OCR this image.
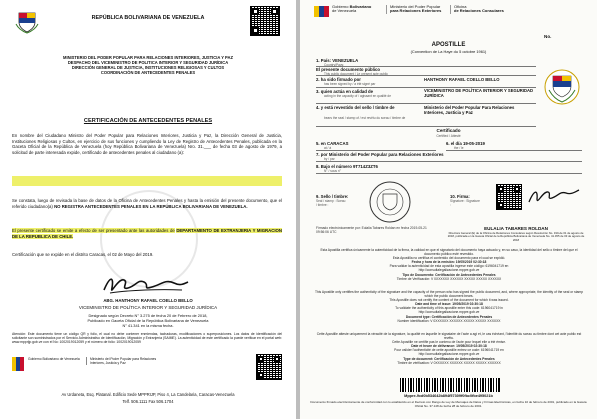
REPÚBLICA BOLIVARIANA DE VENEZUELA
MINISTERIO DEL PODER POPULAR PARA RELACIONES INTERIORES, JUSTICIA Y PAZ
DESPACHO DEL VICEMINISTRO DE POLITICA INTERIOR Y SEGURIDAD JURÍDICA
DIRECCIÓN GENERAL DE JUSTICIA, INSTITUCIONES RELIGIOSAS Y CULTOS
COORDINACIÓN DE ANTECEDENTES PENALES
CERTIFICACIÓN DE ANTECEDENTES PENALES
En nombre del Ciudadano Ministro del Poder Popular para Relaciones Interiores, Justicia y Paz, la Dirección General de Justicia, Instituciones Religiosas y Cultos, en ejercicio de sus funciones y cumpliendo la Ley de Registro de Antecedentes Penales, publicada en la Gaceta Oficial de la República de Venezuela (hoy República Bolivariana de Venezuela) Nro. 31.___ de fecha 03 de agosto de 1979, a solicitud de parte interesada expide, certificado de antecedentes penales al ciudadano (a):
Se constata, luego de revisada la base de datos de la Oficina de Antecedentes Penales y hasta la emisión del presente documento, que el referido ciudadano(a) NO REGISTRA ANTECEDENTES PENALES EN LA REPÚBLICA BOLIVARIANA DE VENEZUELA.
El presente certificado se emite a efecto de ser presentado ante las autoridades de DEPARTAMENTO DE EXTRANJERIA Y MIGRACION DE LA REPUBLICA DE CHILE.
Certificación que se expide en el distrito Caracas, el 02 de Mayo del 2019.
ABG. HANTHONY RAFAEL COELLO BELLO
VICEMINISTRO DE POLÍTICA INTERIOR Y SEGURIDAD JURÍDICA
Designado según Decreto N° 3.275 de fecha 20 de Febrero de 2018,
Publicado en Gaceta Oficial de la República Bolivariana de Venezuela
N° 41.341 en la misma fecha.
Atención: Este documento tiene un código QR y folio, el cual no debe contener enmiendas, tachaduras, modificaciones o superposiciones. Los datos de identificación del solicitante son suministrados por el Servicio Administrativo de Identificación, Migración y Extranjería (SAIME). La autenticidad de este certificado la puede verificar en el portal web: www.mpprijp.gob.ve con el No: 1002019012059 y el número de folio: 1002019012059
Gobierno Bolivariano de Venezuela	Ministerio del Poder Popular para Relaciones Interiores, Justicia y Paz
Av Urdaneta, Esq. Platanal. Edificio Sede MPPRIJP, Piso 4, La Candelaria, Caracas-Venezuela
Telf. 506.1111 Fax 506.1704
Gobierno Bolivariano
de Venezuela
Ministerio del Poder Popular
para Relaciones Exteriores
Oficina
de Relaciones Consulares
No.
APOSTILLE
(Convention de La Haye du 5 octobre 1961)
1. País: VENEZUELA
Country/Pays:
El presente documento público
This public document / Le présent acte public
2. ha sido firmado por
has been signed by / a été signé par
HANTHONY RAFAEL COELLO BELLO
3. quien actúa en calidad de
acting in the capacity of / agissant en qualité de
VICEMINISTRO DE POLÍTICA INTERIOR Y SEGURIDAD JURÍDICA
4. y está revestido del sello / timbre de
bears the seal / stamp of / est revêtu du sceau / timbre de
Ministerio del Poder Popular Para Relaciones Interiores, Justicia y Paz
Certificado
Certified / Attesté
5. en CARACAS
at / à
6. el día 19-05-2019
the / le
7. por Ministerio del Poder Popular para Relaciones Exteriores
by / par
8. Bajo el número 9T714Z3ZT6
N° / sous n°
9. Sello / timbre:
Seal / stamp : Sceau / timbre :
10. Firma:
Signature : Signature :
Firmado electrónicamente por: Eulalia Tabares Roldan en fecha 2019-05-21 09:56:06 UTC
EULALIA TABARES ROLDAN
Directora General (E) de la Oficina de Relaciones Consulares según Resolución No. 190-de 01 de agosto de 2018, publicada en la Gaceta Oficial de la República Bolivariana de Venezuela No. 41.455 de 03 de agosto de 2018
Esta Apostilla certifica únicamente la autenticidad de la firma, la calidad en que el signatario del documento haya actuado y, en su caso, la identidad del sello o timbre del que el documento público esté revestido.
Esta Apostilla no certifica el contenido del documento para el cual se expidió.
Fecha y hora de la emisión: 19/05/2019 02:30:18
Para validar la autenticidad de esta apostilla ingrese este código: 6196041719 en
http://consultalegalizacione.mppre.gob.ve
Tipo de Documento: Certificación de Antecedentes Penales
Timbre de Verificación: V 0XXXXXX XXXXXX XXXXX XXXXX XXXXXX
This Apostille only certifies the authenticity of the signature and the capacity of the person who has signed the public document, and, where appropriate, the identity of the seal or stamp which the public document bears.
This Apostille does not certify the content of the document for which it was issued.
Date and time of issue: 19/05/2019 02:30:18
To validate the authenticity of this apostille enter this code: 6196041719 in
http://consultalegalizacione.mppre.gob.ve
Document type: Certificación de Antecedentes Penales
Number identification: V 0XXXXXX XXXXXX XXXXX XXXXX XXXXXX
Cette Apostille atteste uniquement la véracité de la signature, la qualité en laquelle le signataire de l'acte a agi et, le cas échéant, l'identité du sceau ou timbre dont cet acte public est revêtu.
Cette Apostille ne certifie pas le contenu de l'acte pour lequel elle a été émise.
Date et heure de délivrance: 19/05/2019 02:30:18
Pour valider l'authenticité de cette apostille entrez ce code: 6196041719 en
http://consultalegalizacione.mppre.gob.ve
Type de document: Certificación de Antecedentes Penales
Timbre de vérification: V 0XXXXXX XXXXXX XXXXX XXXXX XXXXXX
Mppre-9cd0b534642b894f57309f0fbc0fbe495021b
Documento firmado electrónicamente de conformidad con lo establecido en el Decreto con Rango de Ley de Mensajes de Datos y Firmas Electrónicas, en fecha 10 de febrero de 2001, publicado en la Gaceta Oficial No. 37.148 de fecha 28 de febrero de 2001.
